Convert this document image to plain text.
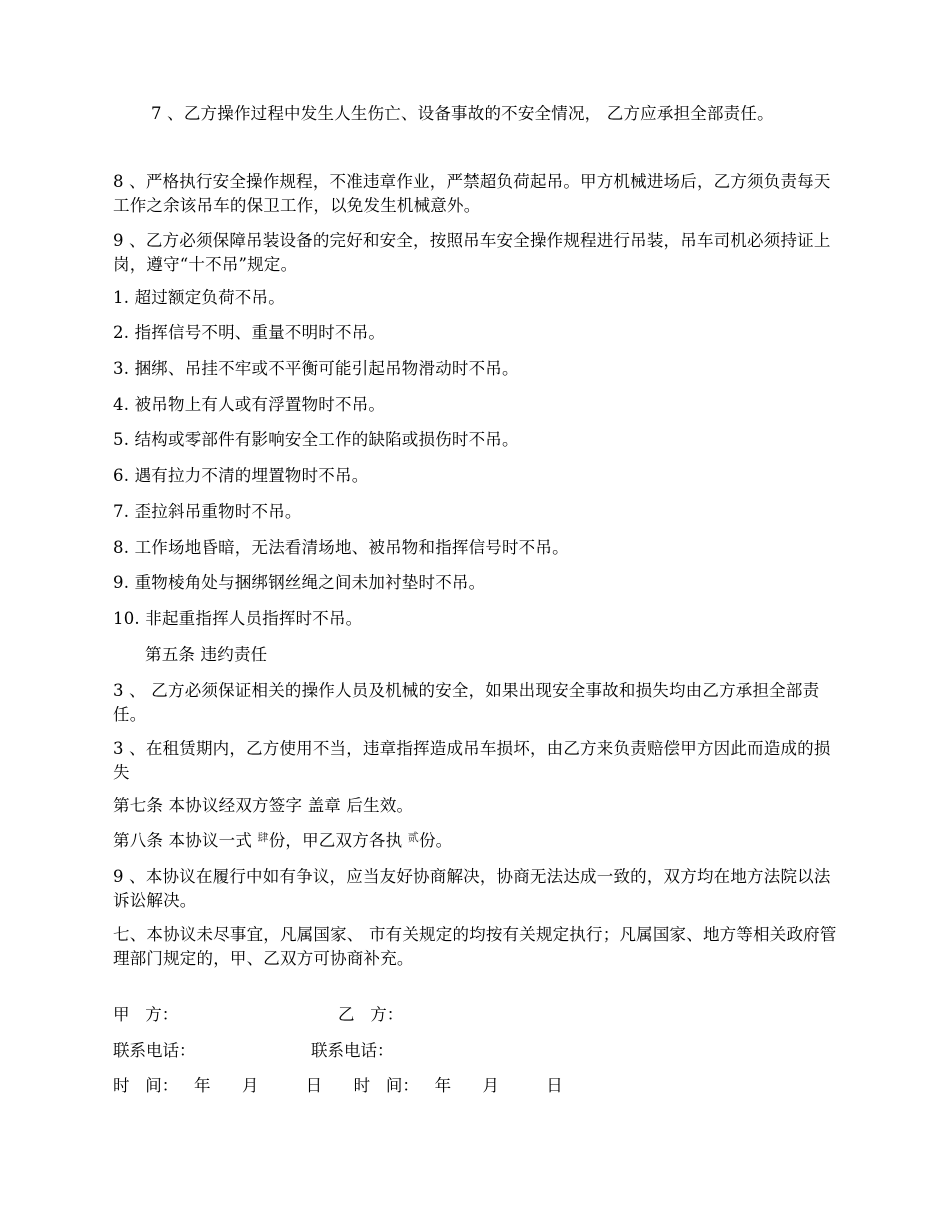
7 、乙方操作过程中发生人生伤亡、设备事故的不安全情况， 乙方应承担全部责任。

8 、严格执行安全操作规程，不准违章作业，严禁超负荷起吊。甲方机械进场后，乙方须负责每天工作之余该吊车的保卫工作，以免发生机械意外。

9 、乙方必须保障吊装设备的完好和安全，按照吊车安全操作规程进行吊装，吊车司机必须持证上岗，遵守“十不吊”规定。

1. 超过额定负荷不吊。

2. 指挥信号不明、重量不明时不吊。

3. 捆绑、吊挂不牢或不平衡可能引起吊物滑动时不吊。

4. 被吊物上有人或有浮置物时不吊。

5. 结构或零部件有影响安全工作的缺陷或损伤时不吊。

6. 遇有拉力不清的埋置物时不吊。

7. 歪拉斜吊重物时不吊。

8. 工作场地昏暗，无法看清场地、被吊物和指挥信号时不吊。

9. 重物棱角处与捆绑钢丝绳之间未加衬垫时不吊。

10. 非起重指挥人员指挥时不吊。

第五条 违约责任

3 、 乙方必须保证相关的操作人员及机械的安全，如果出现安全事故和损失均由乙方承担全部责任。

3 、在租赁期内，乙方使用不当，违章指挥造成吊车损坏，由乙方来负责赔偿甲方因此而造成的损失

第七条 本协议经双方签字 盖章 后生效。

第八条 本协议一式 $^肆$份，甲乙双方各执 $^贰$份。

9 、本协议在履行中如有争议，应当友好协商解决，协商无法达成一致的，双方均在地方法院以法诉讼解决。

七、本协议未尽事宜，凡属国家、 市有关规定的均按有关规定执行；凡属国家、地方等相关政府管理部门规定的，甲、乙双方可协商补充。

甲   方：	乙   方：
联系电话：	联系电话：
时   间：   年      月         日      时   间：   年      月         日
